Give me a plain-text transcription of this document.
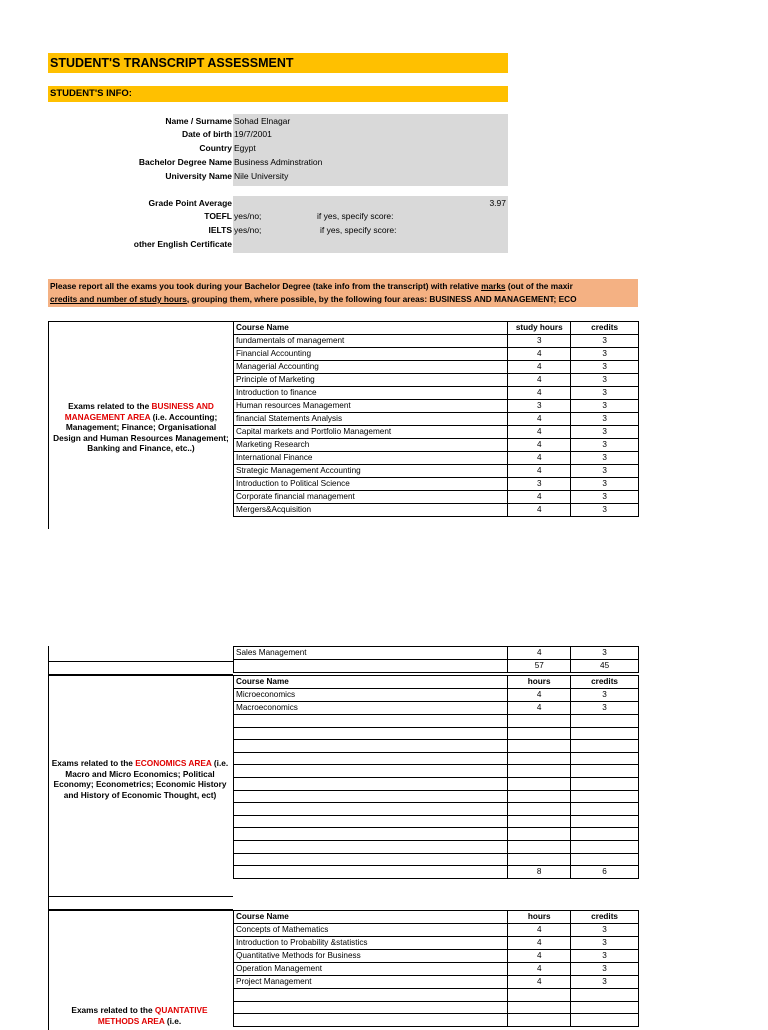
STUDENT'S TRANSCRIPT ASSESSMENT
STUDENT'S INFO:
Name / Surname Sohad Elnagar
Date of birth 19/7/2001
Country Egypt
Bachelor Degree Name Business Adminstration
University Name Nile University
Grade Point Average	3.97
TOEFL yes/no;	if yes, specify score:
IELTS yes/no;	if yes, specify score:
other English Certificate
Please report all the exams you took during your Bachelor Degree (take info from the transcript) with relative marks (out of the maxir
credits and number of study hours, grouping them, where possible, by the following four areas: BUSINESS AND MANAGEMENT; ECO
Exams related to the BUSINESS AND MANAGEMENT AREA (i.e. Accounting; Management; Finance; Organisational Design and Human Resources Management; Banking and Finance, etc..)
Course Name	study hours	credits
fundamentals of management	3	3
Financial Accounting	4	3
Managerial Accounting	4	3
Principle of Marketing	4	3
Introduction to finance	4	3
Human resources Management	3	3
financial Statements Analysis	4	3
Capital markets and Portfolio Management	4	3
Marketing Research	4	3
International Finance	4	3
Strategic Management Accounting	4	3
Introduction to Political Science	3	3
Corporate financial management	4	3
Mergers&Acquisition	4	3
Sales Management	4	3
	57	45
Exams related to the ECONOMICS AREA (i.e. Macro and Micro Economics; Political Economy; Econometrics; Economic History and History of Economic Thought, ect)
Course Name	hours	credits
Microeconomics	4	3
Macroeconomics	4	3

	8	6
Exams related to the QUANTATIVE METHODS AREA (i.e.
Course Name	hours	credits
Concepts of Mathematics	4	3
Introduction to Probability &statistics	4	3
Quantitative Methods for Business	4	3
Operation Management	4	3
Project Management	4	3
